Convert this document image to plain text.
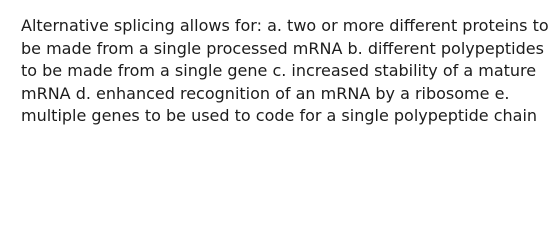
Alternative splicing allows for: a. two or more different proteins to be made from a single processed mRNA b. different polypeptides to be made from a single gene c. increased stability of a mature mRNA d. enhanced recognition of an mRNA by a ribosome e. multiple genes to be used to code for a single polypeptide chain
